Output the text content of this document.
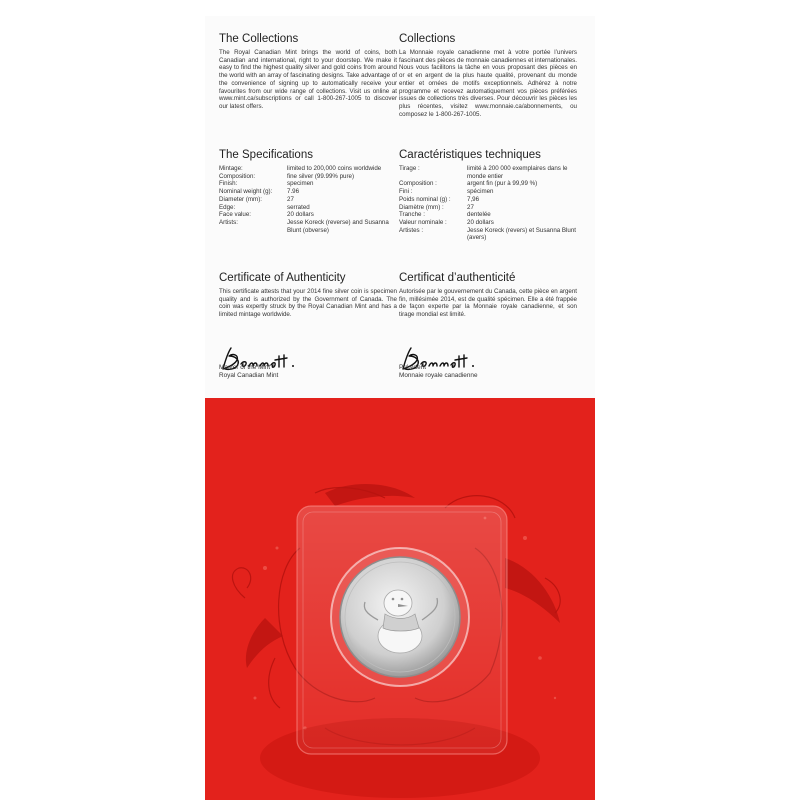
The Collections

The Royal Canadian Mint brings the world of coins, both Canadian and international, right to your doorstep. We make it easy to find the highest quality silver and gold coins from around the world with an array of fascinating designs. Take advantage of the convenience of signing up to automatically receive your favourites from our wide range of collections. Visit us online at www.mint.ca/subscriptions or call 1-800-267-1005 to discover our latest offers.

Collections

La Monnaie royale canadienne met à votre portée l’univers fascinant des pièces de monnaie canadiennes et internationales. Nous vous facilitons la tâche en vous proposant des pièces en or et en argent de la plus haute qualité, provenant du monde entier et ornées de motifs exceptionnels. Adhérez à notre programme et recevez automatiquement vos pièces préférées issues de collections très diverses. Pour découvrir les pièces les plus récentes, visitez www.monnaie.ca/abonnements, ou composez le 1-800-267-1005.

The Specifications
Mintage:	limited to 200,000 coins worldwide
Composition:	fine silver (99.99% pure)
Finish:	specimen
Nominal weight (g):	7.96
Diameter (mm):	27
Edge:	serrated
Face value:	20 dollars
Artists:	Jesse Koreck (reverse) and Susanna Blunt (obverse)
Caractéristiques techniques
Tirage :	limité à 200 000 exemplaires dans le monde entier
Composition :	argent fin (pur à 99,99 %)
Fini :	spécimen
Poids nominal (g) :	7,96
Diamètre (mm) :	27
Tranche :	dentelée
Valeur nominale :	20 dollars
Artistes :	Jesse Koreck (revers) et Susanna Blunt (avers)
Certificate of Authenticity

This certificate attests that your 2014 fine silver coin is specimen quality and is authorized by the Government of Canada. The coin was expertly struck by the Royal Canadian Mint and has a limited mintage worldwide.

Certificat d’authenticité

Autorisée par le gouvernement du Canada, cette pièce en argent fin, millésimée 2014, est de qualité spécimen. Elle a été frappée de façon experte par la Monnaie royale canadienne, et son tirage mondial est limité.

Master of the Mint
Royal Canadian Mint
Président
Monnaie royale canadienne
